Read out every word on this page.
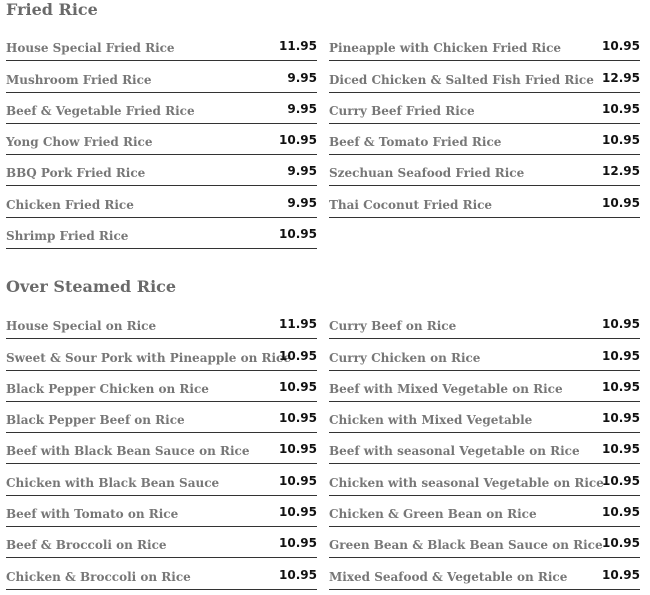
Fried Rice
House Special Fried Rice	11.95
Mushroom Fried Rice	9.95
Beef & Vegetable Fried Rice	9.95
Yong Chow Fried Rice	10.95
BBQ Pork Fried Rice	9.95
Chicken Fried Rice	9.95
Shrimp Fried Rice	10.95
Pineapple with Chicken Fried Rice	10.95
Diced Chicken & Salted Fish Fried Rice 12.95
Curry Beef Fried Rice	10.95
Beef & Tomato Fried Rice	10.95
Szechuan Seafood Fried Rice	12.95
Thai Coconut Fried Rice	10.95
Over Steamed Rice
House Special on Rice	11.95
Sweet & Sour Pork with Pineapple on Rice
10.95
Black Pepper Chicken on Rice	10.95
Black Pepper Beef on Rice	10.95
Beef with Black Bean Sauce on Rice 10.95
Chicken with Black Bean Sauce	10.95
Beef with Tomato on Rice	10.95
Beef & Broccoli on Rice	10.95
Chicken & Broccoli on Rice	10.95
Curry Beef on Rice	10.95
Curry Chicken on Rice	10.95
Beef with Mixed Vegetable on Rice	10.95
Chicken with Mixed Vegetable	10.95
Beef with seasonal Vegetable on Rice 10.95
Chicken with seasonal Vegetable on Rice
10.95
Chicken & Green Bean on Rice	10.95
Green Bean & Black Bean Sauce on Rice 10.95
Mixed Seafood & Vegetable on Rice	10.95
